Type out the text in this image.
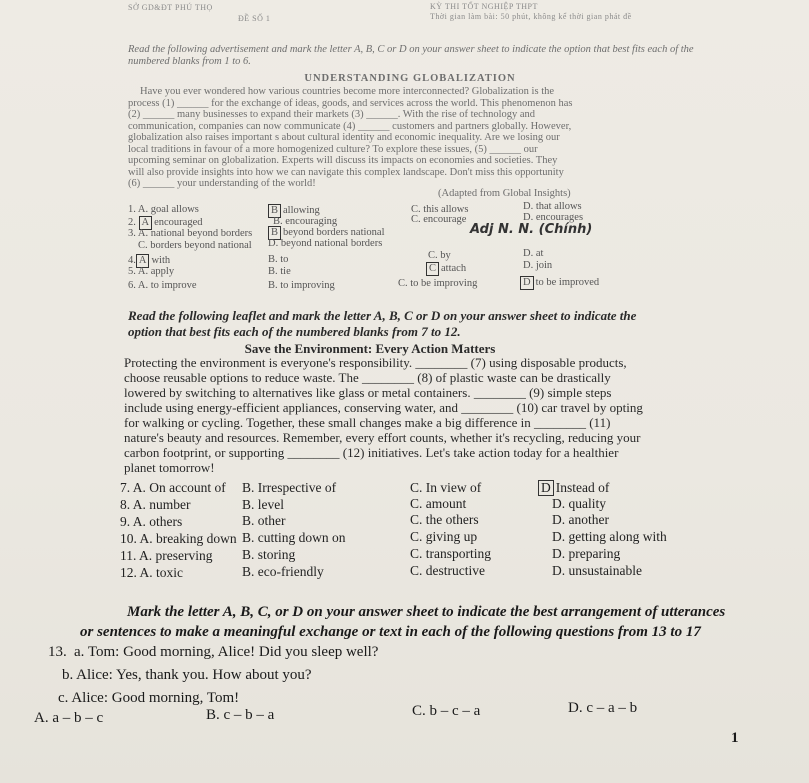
SỞ GD&ĐT PHÚ THỌ
ĐỀ SỐ 1
KỲ THI TỐT NGHIỆP THPT
Thời gian làm bài: 50 phút, không kể thời gian phát đề
Read the following advertisement and mark the letter A, B, C or D on your answer sheet to indicate the option that best fits each of the numbered blanks from 1 to 6.
UNDERSTANDING GLOBALIZATION
Have you ever wondered how various countries become more interconnected? Globalization is the
process (1) ______ for the exchange of ideas, goods, and services across the world. This phenomenon has
(2) ______ many businesses to expand their markets (3) ______. With the rise of technology and
communication, companies can now communicate (4) ______ customers and partners globally. However,
globalization also raises important s about cultural identity and economic inequality. Are we losing our
local traditions in favour of a more homogenized culture? To explore these issues, (5) ______ our
upcoming seminar on globalization. Experts will discuss its impacts on economies and societies. They
will also provide insights into how we can navigate this complex landscape. Don't miss this opportunity
(6) ______ your understanding of the world!
(Adapted from Global Insights)
1. A. goal allows	B allowing	C. this allows	D. that allows
2. A encouraged	B. encouraging	C. encourage	D. encourages
3. A. national beyond borders B beyond borders national	Adj N. N. (Chính)
C. borders beyond national D. beyond national borders
4. A with	B. to	C. by	D. at
5. A. apply	B. tie	C attach	D. join
6. A. to improve	B. to improving	C. to be improving	D to be improved
Read the following leaflet and mark the letter A, B, C or D on your answer sheet to indicate the option that best fits each of the numbered blanks from 7 to 12.
Save the Environment: Every Action Matters
Protecting the environment is everyone's responsibility. ________ (7) using disposable products,
choose reusable options to reduce waste. The ________ (8) of plastic waste can be drastically
lowered by switching to alternatives like glass or metal containers. ________ (9) simple steps
include using energy-efficient appliances, conserving water, and ________ (10) car travel by opting
for walking or cycling. Together, these small changes make a big difference in ________ (11)
nature's beauty and resources. Remember, every effort counts, whether it's recycling, reducing your
carbon footprint, or supporting ________ (12) initiatives. Let's take action today for a healthier
planet tomorrow!
7. A. On account of B. Irrespective of	C. In view of	D Instead of
8. A. number	B. level	C. amount	D. quality
9. A. others	B. other	C. the others	D. another
10. A. breaking down B. cutting down on	C. giving up	D. getting along with
11. A. preserving B. storing	C. transporting	D. preparing
12. A. toxic	B. eco-friendly	C. destructive	D. unsustainable
Mark the letter A, B, C, or D on your answer sheet to indicate the best arrangement of utterances
or sentences to make a meaningful exchange or text in each of the following questions from 13 to 17
13. a. Tom: Good morning, Alice! Did you sleep well?
b. Alice: Yes, thank you. How about you?
c. Alice: Good morning, Tom!
A. a – b – c	B. c – b – a	C. b – c – a	D. c – a – b
1
